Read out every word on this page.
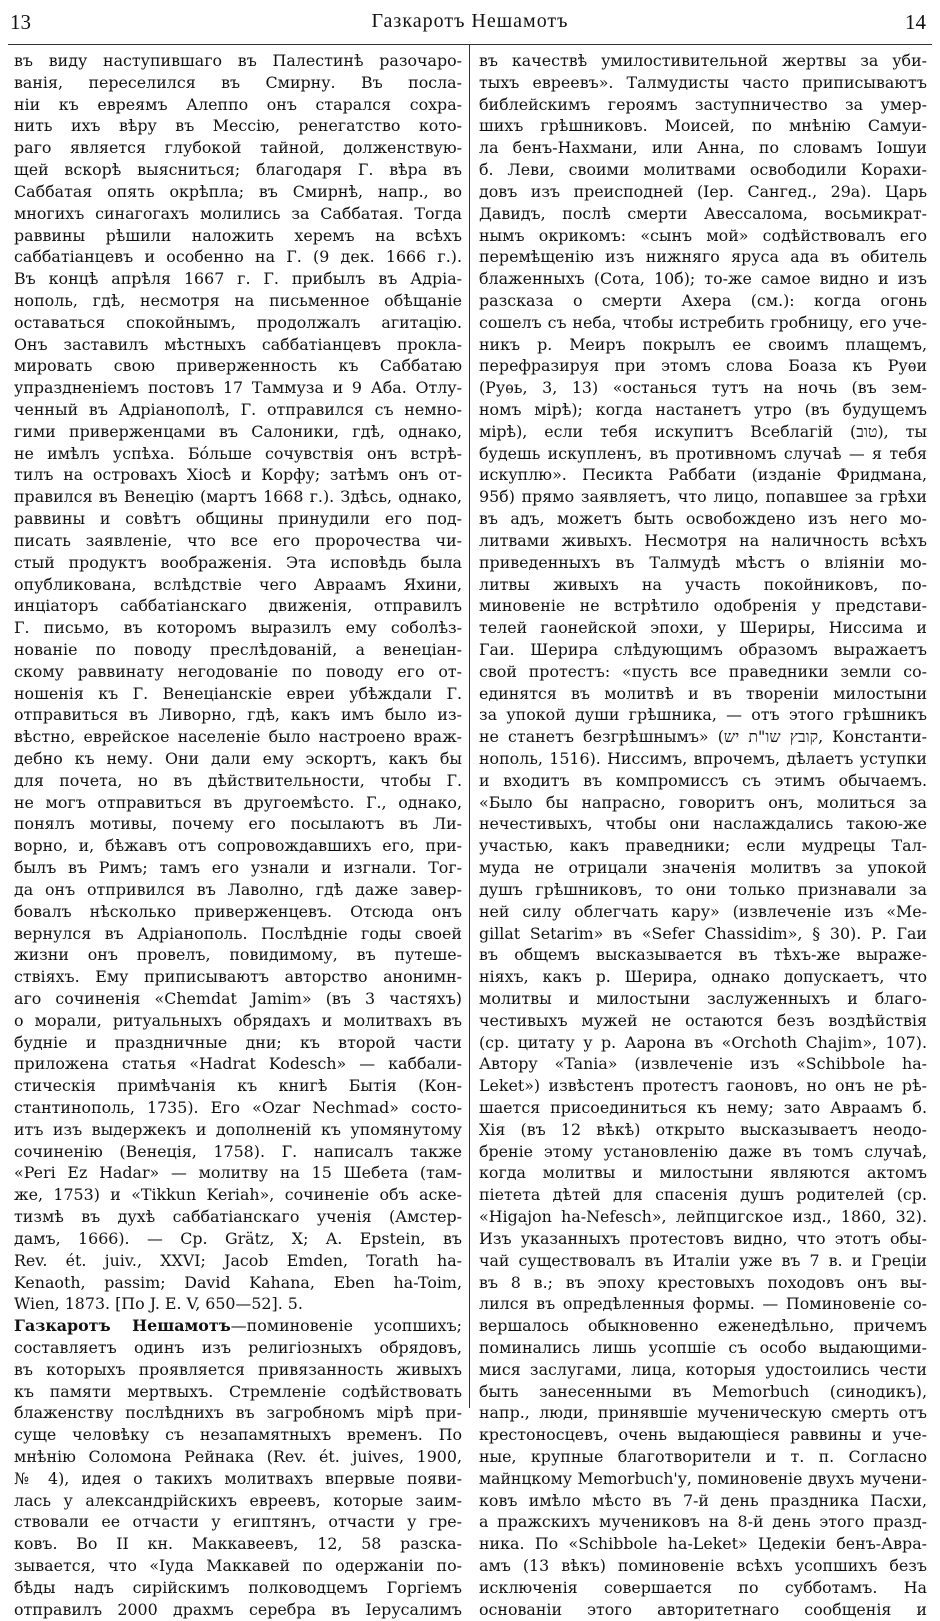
13	Газкаротъ Нешамотъ	14
въ виду наступившаго въ Палестинѣ разочаро-
ванія, переселился въ Смирну. Въ посла-
ніи къ евреямъ Алеппо онъ старался сохра-
нить ихъ вѣру въ Мессію, ренегатство кото-
раго является глубокой тайной, долженствую-
щей вскорѣ выясниться; благодаря Г. вѣра въ
Саббатая опять окрѣпла; въ Смирнѣ, напр., во
многихъ синагогахъ молились за Саббатая. Тогда
раввины рѣшили наложить херемъ на всѣхъ
саббатіанцевъ и особенно на Г. (9 дек. 1666 г.).
Въ концѣ апрѣля 1667 г. Г. прибылъ въ Адріа-
нополь, гдѣ, несмотря на письменное обѣщаніе
оставаться спокойнымъ, продолжалъ агитацію.
Онъ заставилъ мѣстныхъ саббатіанцевъ прокла-
мировать свою приверженность къ Саббатаю
упраздненіемъ постовъ 17 Таммуза и 9 Аба. Отлу-
ченный въ Адріанополѣ, Г. отправился съ немно-
гими приверженцами въ Салоники, гдѣ, однако,
не имѣлъ успѣха. Бóльше сочувствія онъ встрѣ-
тилъ на островахъ Хіосѣ и Корфу; затѣмъ онъ от-
правился въ Венецію (мартъ 1668 г.). Здѣсь, однако,
раввины и совѣтъ общины принудили его под-
писать заявленіе, что все его пророчества чи-
стый продуктъ воображенія. Эта исповѣдь была
опубликована, вслѣдствіе чего Авраамъ Яхини,
инціаторъ саббатіанскаго движенія, отправилъ
Г. письмо, въ которомъ выразилъ ему соболѣз-
нованіе по поводу преслѣдованій, а венеціан-
скому раввинату негодованіе по поводу его от-
ношенія къ Г. Венеціанскіе евреи убѣждали Г.
отправиться въ Ливорно, гдѣ, какъ имъ было из-
вѣстно, еврейское населеніе было настроено враж-
дебно къ нему. Они дали ему эскортъ, какъ бы
для почета, но въ дѣйствительности, чтобы Г.
не могъ отправиться въ другоемѣсто. Г., однако,
понялъ мотивы, почему его посылаютъ въ Ли-
ворно, и, бѣжавъ отъ сопровождавшихъ его, при-
былъ въ Римъ; тамъ его узнали и изгнали. Тог-
да онъ отпривился въ Лаволно, гдѣ даже завер-
бовалъ нѣсколько приверженцевъ. Отсюда онъ
вернулся въ Адріанополь. Послѣдніе годы своей
жизни онъ провелъ, повидимому, въ путеше-
ствіяхъ. Ему приписываютъ авторство анонимн-
аго сочиненія «Chemdat Jamim» (въ 3 частяхъ)
о морали, ритуальныхъ обрядахъ и молитвахъ въ
будніе и праздничные дни; къ второй части
приложена статья «Hadrat Kodesch» — каббали-
стическія примѣчанія къ книгѣ Бытія (Кон-
стантинополь, 1735). Его «Ozar Nechmad» состо-
итъ изъ выдержекъ и дополненій къ упомянутому
сочиненію (Венеція, 1758). Г. написалъ также
«Peri Ez Hadar» — молитву на 15 Шебета (там-
же, 1753) и «Tikkun Keriah», сочиненіе объ аске-
тизмѣ въ духѣ саббатіанскаго ученія (Амстер-
дамъ, 1666). — Ср. Grätz, X; A. Epstein, въ
Rev. ét. juiv., XXVI; Jacob Emden, Torath ha-
Kenaoth, passim; David Kahana, Eben ha-Toim,
Wien, 1873. [По J. E. V, 650—52]. 5.
Газкаротъ Нешамотъ—поминовеніе усопшихъ;
составляетъ одинъ изъ религіозныхъ обрядовъ,
въ которыхъ проявляется привязанность живыхъ
къ памяти мертвыхъ. Стремленіе содѣйствовать
блаженству послѣднихъ въ загробномъ мірѣ при-
суще человѣку съ незапамятныхъ временъ. По
мнѣнію Соломона Рейнака (Rev. ét. juives, 1900,
№ 4), идея о такихъ молитвахъ впервые появи-
лась у александрійскихъ евреевъ, которые заим-
ствовали ее отчасти у египтянъ, отчасти у гре-
ковъ. Во II кн. Маккавеевъ, 12, 58 разска-
зывается, что «Іуда Маккавей по одержаніи по-
бѣды надъ сирійскимъ полководцемъ Горгіемъ
отправилъ 2000 драхмъ серебра въ Іерусалимъ
въ качествѣ умилостивительной жертвы за уби-
тыхъ евреевъ». Талмудисты часто приписываютъ
библейскимъ героямъ заступничество за умер-
шихъ грѣшниковъ. Моисей, по мнѣнію Самуи-
ла бенъ-Нахмани, или Анна, по словамъ Іошуи
б. Леви, своими молитвами освободили Корахи-
довъ изъ преисподней (Іер. Сангед., 29а). Царь
Давидъ, послѣ смерти Авессалома, восьмикрат-
нымъ окрикомъ: «сынъ мой» содѣйствовалъ его
перемѣщенію изъ нижняго яруса ада въ обитель
блаженныхъ (Сота, 10б); то-же самое видно и изъ
разсказа о смерти Ахера (см.): когда огонь
сошелъ съ неба, чтобы истребить гробницу, его уче-
никъ р. Меиръ покрылъ ее своимъ плащемъ,
перефразируя при этомъ слова Боаза къ Руѳи
(Руѳь, 3, 13) «останься тутъ на ночь (въ зем-
номъ мірѣ); когда настанетъ утро (въ будущемъ
мірѣ), если тебя искупитъ Всеблагій (טוב), ты
будешь искупленъ, въ противномъ случаѣ — я тебя
искуплю». Песикта Раббати (изданіе Фридмана,
95б) прямо заявляетъ, что лицо, попавшее за грѣхи
въ адъ, можетъ быть освобождено изъ него мо-
литвами живыхъ. Несмотря на наличность всѣхъ
приведенныхъ въ Талмудѣ мѣстъ о вліяніи мо-
литвы живыхъ на участь покойниковъ, по-
миновеніе не встрѣтило одобренія у представи-
телей гаонейской эпохи, у Шериры, Ниссима и
Гаи. Шерира слѣдующимъ образомъ выражаетъ
свой протестъ: «пусть все праведники земли со-
единятся въ молитвѣ и въ твореніи милостыни
за упокой души грѣшника, — отъ этого грѣшникъ
не станетъ безгрѣшнымъ» (קובץ שו"ת יש, Константи-
нополь, 1516). Ниссимъ, впрочемъ, дѣлаетъ уступки
и входитъ въ компромиссъ съ этимъ обычаемъ.
«Было бы напрасно, говоритъ онъ, молиться за
нечестивыхъ, чтобы они наслаждались такою-же
участью, какъ праведники; если мудрецы Тал-
муда не отрицали значенія молитвъ за упокой
душъ грѣшниковъ, то они только признавали за
ней силу облегчать кару» (извлеченіе изъ «Me-
gillat Setarim» въ «Sefer Chassidim», § 30). Р. Гаи
въ общемъ высказывается въ тѣхъ-же выраже-
ніяхъ, какъ р. Шерира, однако допускаетъ, что
молитвы и милостыни заслуженныхъ и благо-
честивыхъ мужей не остаются безъ воздѣйствія
(ср. цитату у р. Аарона въ «Orchoth Chajim», 107).
Автору «Tania» (извлеченіе изъ «Schibbole ha-
Leket») извѣстенъ протестъ гаоновъ, но онъ не рѣ-
шается присоединиться къ нему; зато Авраамъ б.
Хія (въ 12 вѣкѣ) открыто высказываетъ неодо-
бреніе этому установленію даже въ томъ случаѣ,
когда молитвы и милостыни являются актомъ
піетета дѣтей для спасенія душъ родителей (ср.
«Higajon ha-Nefesch», лейпцигское изд., 1860, 32).
Изъ указанныхъ протестовъ видно, что этотъ обы-
чай существовалъ въ Италіи уже въ 7 в. и Греціи
въ 8 в.; въ эпоху крестовыхъ походовъ онъ вы-
лился въ опредѣленныя формы. — Поминовеніе со-
вершалось обыкновенно еженедѣльно, причемъ
поминались лишь усопшіе съ особо выдающими-
мися заслугами, лица, которыя удостоились чести
быть занесенными въ Memorbuch (синодикъ),
напр., люди, принявшіе мученическую смерть отъ
крестоносцевъ, очень выдающіеся раввины и уче-
ные, крупные благотворители и т. п. Согласно
майнцкому Memorbuch'у, поминовеніе двухъ мучени-
ковъ имѣло мѣсто въ 7-й день праздника Пасхи,
а пражскихъ мучениковъ на 8-й день этого празд-
ника. По «Schibbole ha-Leket» Цедекіи бенъ-Авра-
амъ (13 вѣкъ) поминовеніе всѣхъ усопшихъ безъ
исключенія совершается по субботамъ. На
основаніи этого авторитетнаго сообщенія и
